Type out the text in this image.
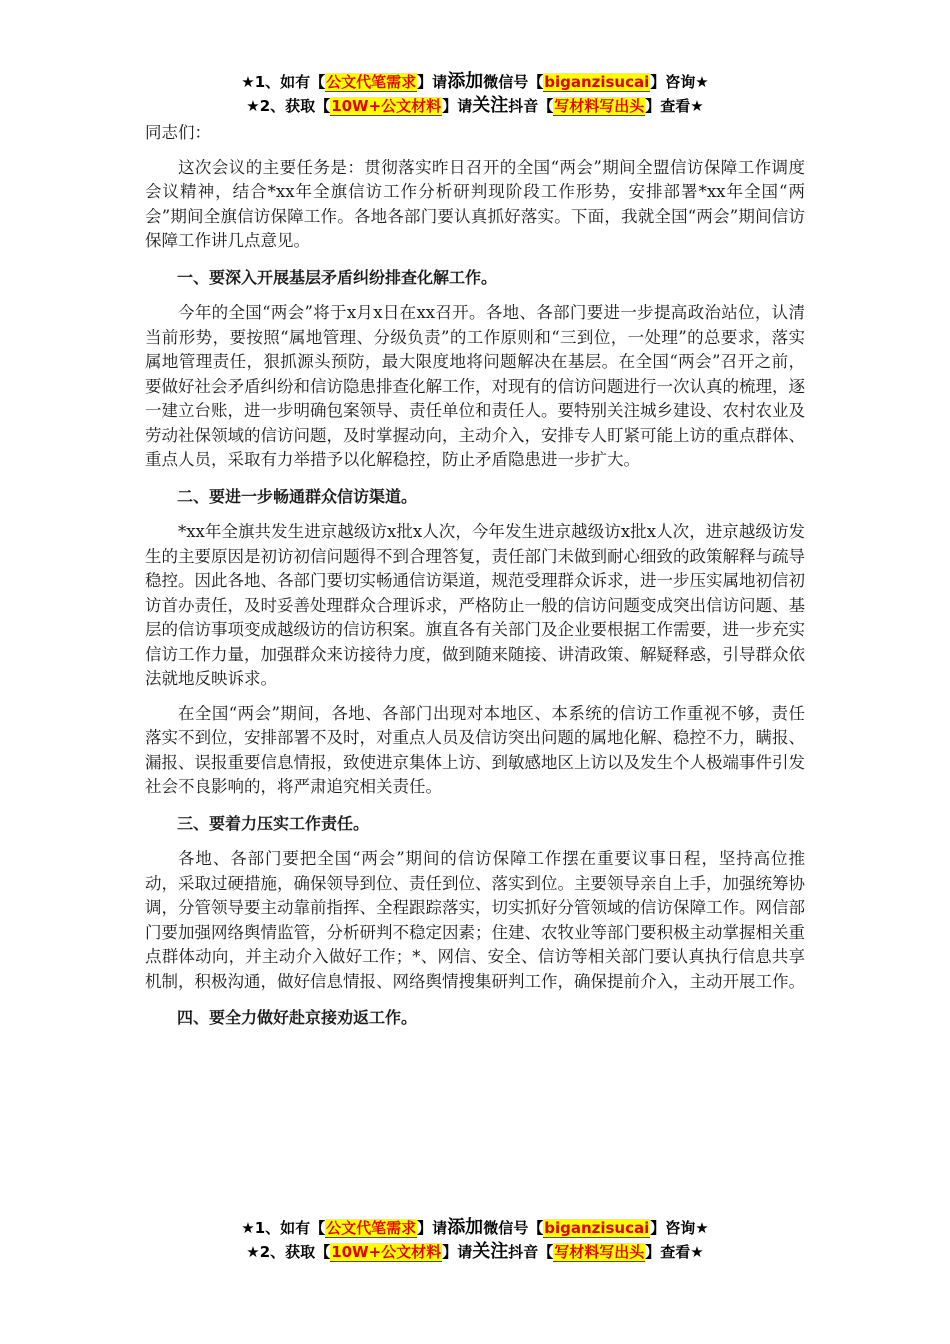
★1、如有【公文代笔需求】请添加微信号【biganzisucai】咨询★
★2、获取【10W+公文材料】请关注抖音【写材料写出头】查看★

同志们：

这次会议的主要任务是：贯彻落实昨日召开的全国“两会”期间全盟信访保障工作调度会议精神，结合*xx年全旗信访工作分析研判现阶段工作形势，安排部署*xx年全国“两会”期间全旗信访保障工作。各地各部门要认真抓好落实。下面，我就全国“两会”期间信访保障工作讲几点意见。

一、要深入开展基层矛盾纠纷排查化解工作。

今年的全国“两会”将于x月x日在xx召开。各地、各部门要进一步提高政治站位，认清当前形势，要按照“属地管理、分级负责”的工作原则和“三到位，一处理”的总要求，落实属地管理责任，狠抓源头预防，最大限度地将问题解决在基层。在全国“两会”召开之前，要做好社会矛盾纠纷和信访隐患排查化解工作，对现有的信访问题进行一次认真的梳理，逐一建立台账，进一步明确包案领导、责任单位和责任人。要特别关注城乡建设、农村农业及劳动社保领域的信访问题，及时掌握动向，主动介入，安排专人盯紧可能上访的重点群体、重点人员，采取有力举措予以化解稳控，防止矛盾隐患进一步扩大。

二、要进一步畅通群众信访渠道。

*xx年全旗共发生进京越级访x批x人次，今年发生进京越级访x批x人次，进京越级访发生的主要原因是初访初信问题得不到合理答复，责任部门未做到耐心细致的政策解释与疏导稳控。因此各地、各部门要切实畅通信访渠道，规范受理群众诉求，进一步压实属地初信初访首办责任，及时妥善处理群众合理诉求，严格防止一般的信访问题变成突出信访问题、基层的信访事项变成越级访的信访积案。旗直各有关部门及企业要根据工作需要，进一步充实信访工作力量，加强群众来访接待力度，做到随来随接、讲清政策、解疑释惑，引导群众依法就地反映诉求。

在全国“两会”期间，各地、各部门出现对本地区、本系统的信访工作重视不够，责任落实不到位，安排部署不及时，对重点人员及信访突出问题的属地化解、稳控不力，瞒报、漏报、误报重要信息情报，致使进京集体上访、到敏感地区上访以及发生个人极端事件引发社会不良影响的，将严肃追究相关责任。

三、要着力压实工作责任。

各地、各部门要把全国“两会”期间的信访保障工作摆在重要议事日程，坚持高位推动，采取过硬措施，确保领导到位、责任到位、落实到位。主要领导亲自上手，加强统筹协调，分管领导要主动靠前指挥、全程跟踪落实，切实抓好分管领域的信访保障工作。网信部门要加强网络舆情监管，分析研判不稳定因素；住建、农牧业等部门要积极主动掌握相关重点群体动向，并主动介入做好工作；*、网信、安全、信访等相关部门要认真执行信息共享机制，积极沟通，做好信息情报、网络舆情搜集研判工作，确保提前介入，主动开展工作。

四、要全力做好赴京接劝返工作。

★1、如有【公文代笔需求】请添加微信号【biganzisucai】咨询★
★2、获取【10W+公文材料】请关注抖音【写材料写出头】查看★
